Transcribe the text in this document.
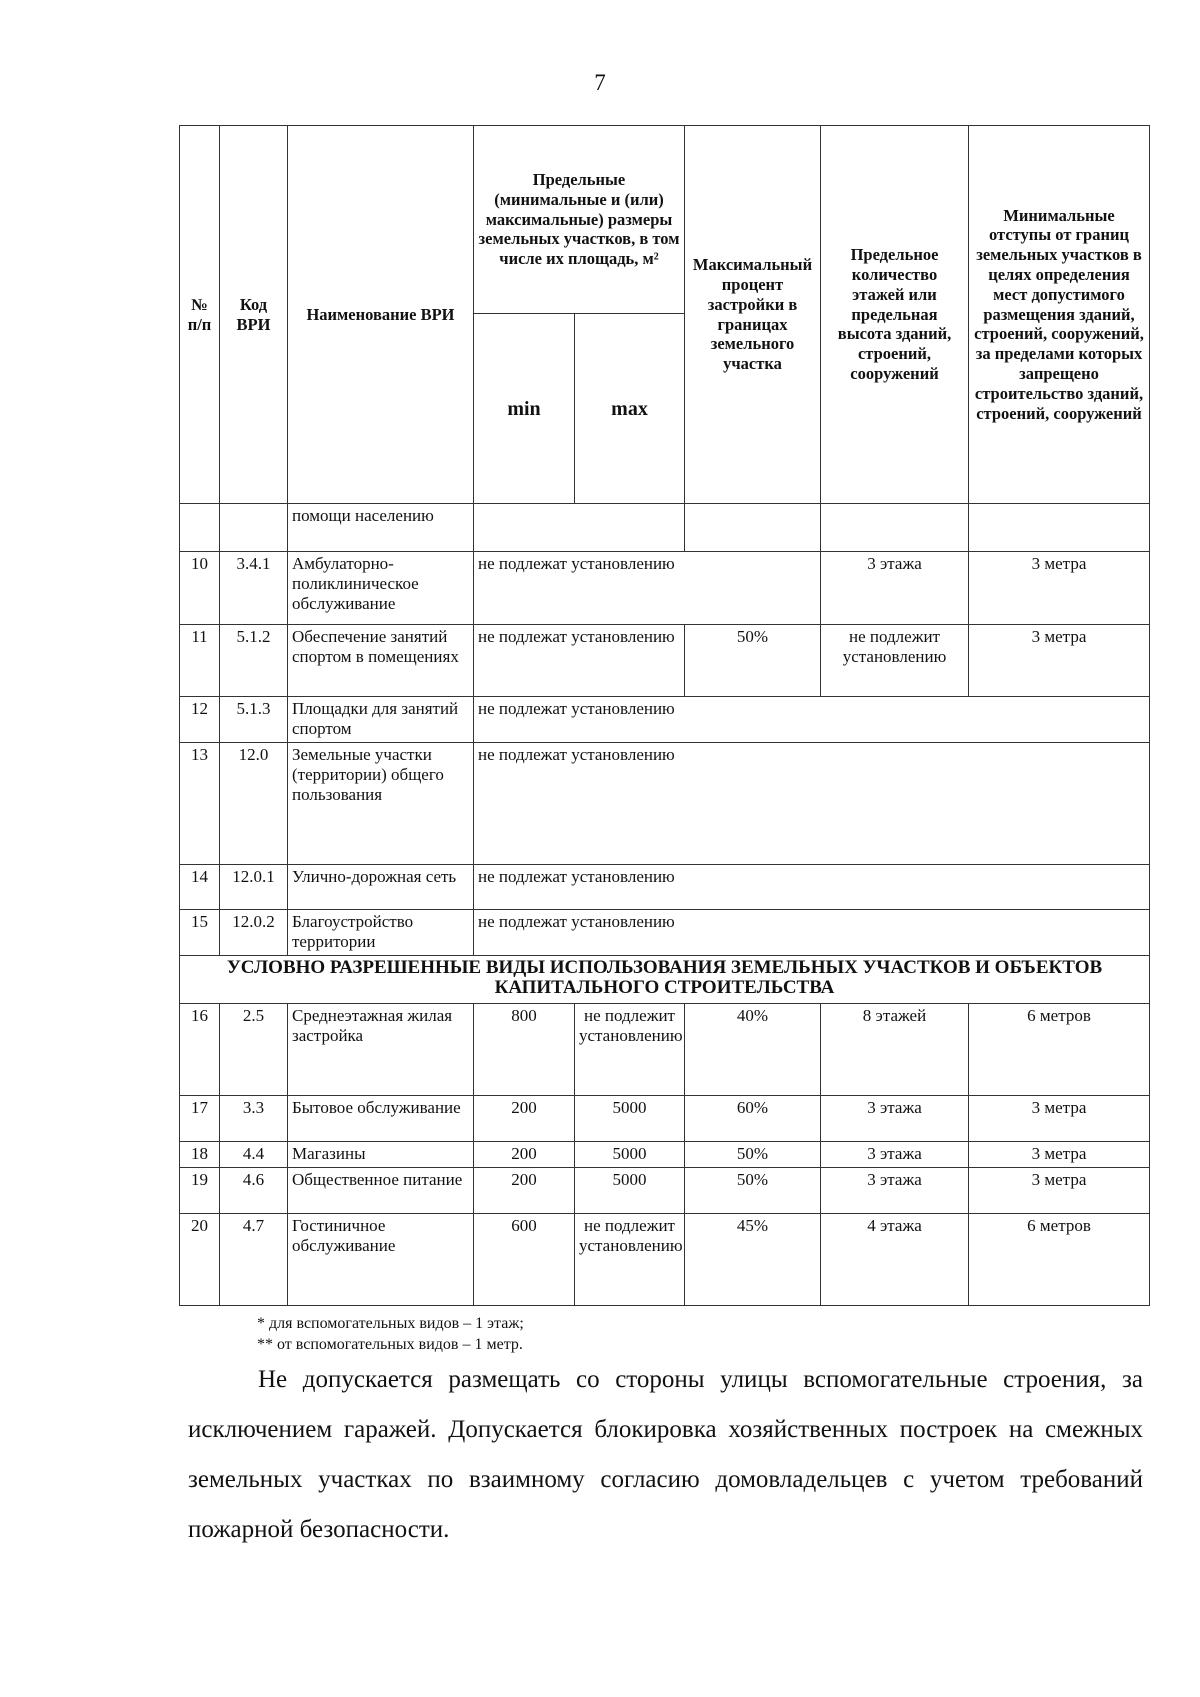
7
№ п/п	Код ВРИ	Наименование ВРИ	Предельные (минимальные и (или) максимальные) размеры земельных участков, в том числе их площадь, м²		Максимальный процент застройки в границах земельного участка	Предельное количество этажей или предельная высота зданий, строений, сооружений	Минимальные отступы от границ земельных участков в целях определения мест допустимого размещения зданий, строений, сооружений, за пределами которых запрещено строительство зданий, строений, сооружений
			min	max			
		помощи населению					
10	3.4.1	Амбулаторно-поликлиническое обслуживание	не подлежат установлению			3 этажа	3 метра
11	5.1.2	Обеспечение занятий спортом в помещениях	не подлежат установлению		50%	не подлежит установлению	3 метра
12	5.1.3	Площадки для занятий спортом	не подлежат установлению				
13	12.0	Земельные участки (территории) общего пользования	не подлежат установлению				
14	12.0.1	Улично-дорожная сеть	не подлежат установлению				
15	12.0.2	Благоустройство территории	не подлежат установлению				
УСЛОВНО РАЗРЕШЕННЫЕ ВИДЫ ИСПОЛЬЗОВАНИЯ ЗЕМЕЛЬНЫХ УЧАСТКОВ И ОБЪЕКТОВ КАПИТАЛЬНОГО СТРОИТЕЛЬСТВА							
16	2.5	Среднеэтажная жилая застройка	800	не подлежит установлению	40%	8 этажей	6 метров
17	3.3	Бытовое обслуживание	200	5000	60%	3 этажа	3 метра
18	4.4	Магазины	200	5000	50%	3 этажа	3 метра
19	4.6	Общественное питание	200	5000	50%	3 этажа	3 метра
20	4.7	Гостиничное обслуживание	600	не подлежит установлению	45%	4 этажа	6 метров
* для вспомогательных видов – 1 этаж;
** от вспомогательных видов – 1 метр.
Не допускается размещать со стороны улицы вспомогательные строения, за исключением гаражей. Допускается блокировка хозяйственных построек на смежных земельных участках по взаимному согласию домовладельцев с учетом требований пожарной безопасности.
